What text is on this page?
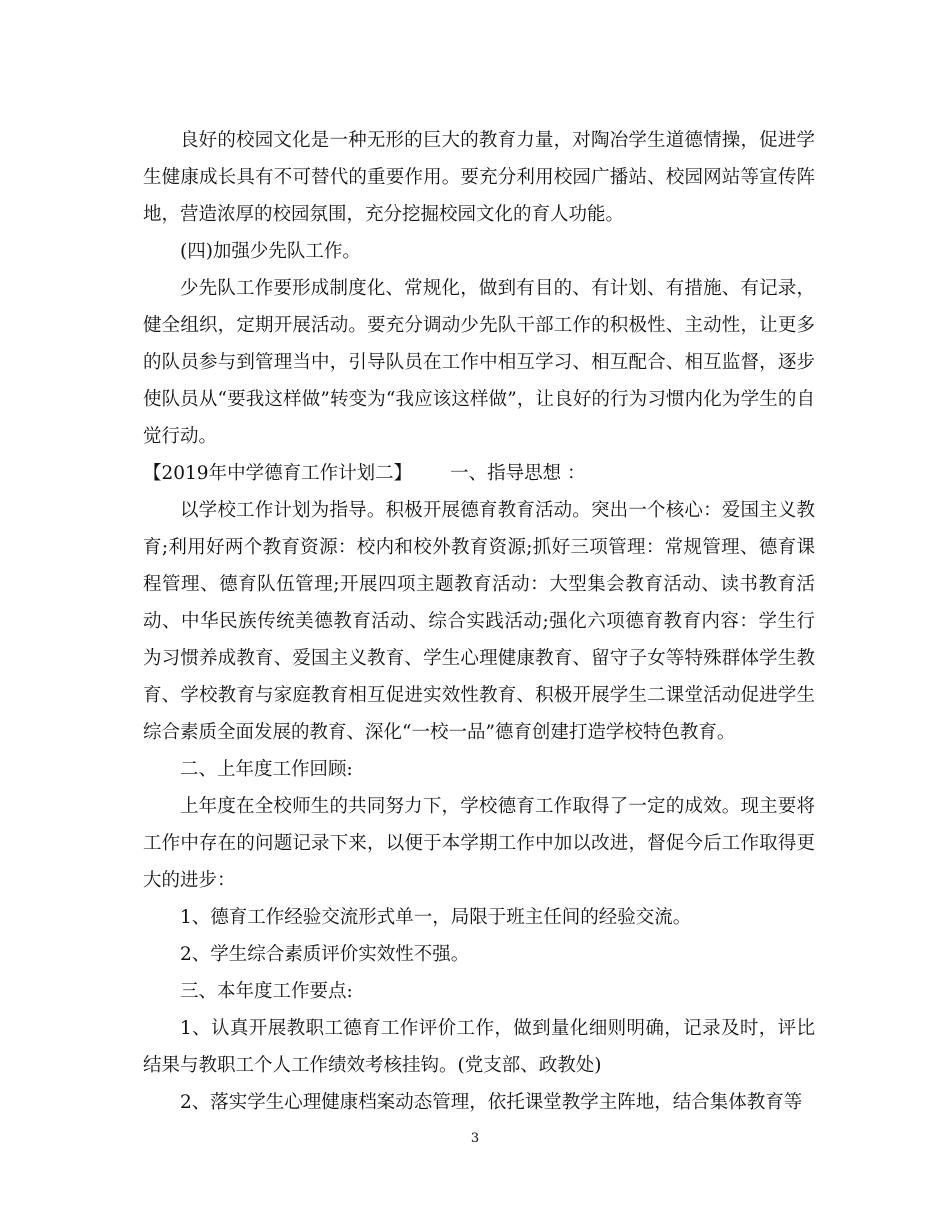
良好的校园文化是一种无形的巨大的教育力量，对陶冶学生道德情操，促进学生健康成长具有不可替代的重要作用。要充分利用校园广播站、校园网站等宣传阵地，营造浓厚的校园氛围，充分挖掘校园文化的育人功能。

(四)加强少先队工作。

少先队工作要形成制度化、常规化，做到有目的、有计划、有措施、有记录，健全组织，定期开展活动。要充分调动少先队干部工作的积极性、主动性，让更多的队员参与到管理当中，引导队员在工作中相互学习、相互配合、相互监督，逐步使队员从“要我这样做”转变为“我应该这样做”，让良好的行为习惯内化为学生的自觉行动。

【2019年中学德育工作计划二】 一、指导思想 ：

以学校工作计划为指导。积极开展德育教育活动。突出一个核心：爱国主义教育;利用好两个教育资源：校内和校外教育资源;抓好三项管理：常规管理、德育课程管理、德育队伍管理;开展四项主题教育活动：大型集会教育活动、读书教育活动、中华民族传统美德教育活动、综合实践活动;强化六项德育教育内容：学生行为习惯养成教育、爱国主义教育、学生心理健康教育、留守子女等特殊群体学生教育、学校教育与家庭教育相互促进实效性教育、积极开展学生二课堂活动促进学生综合素质全面发展的教育、深化“一校一品”德育创建打造学校特色教育。

二、上年度工作回顾:

上年度在全校师生的共同努力下，学校德育工作取得了一定的成效。现主要将工作中存在的问题记录下来，以便于本学期工作中加以改进，督促今后工作取得更大的进步：

1、德育工作经验交流形式单一，局限于班主任间的经验交流。

2、学生综合素质评价实效性不强。

三、本年度工作要点:

1、认真开展教职工德育工作评价工作，做到量化细则明确，记录及时，评比结果与教职工个人工作绩效考核挂钩。(党支部、政教处)

2、落实学生心理健康档案动态管理，依托课堂教学主阵地，结合集体教育等

3
